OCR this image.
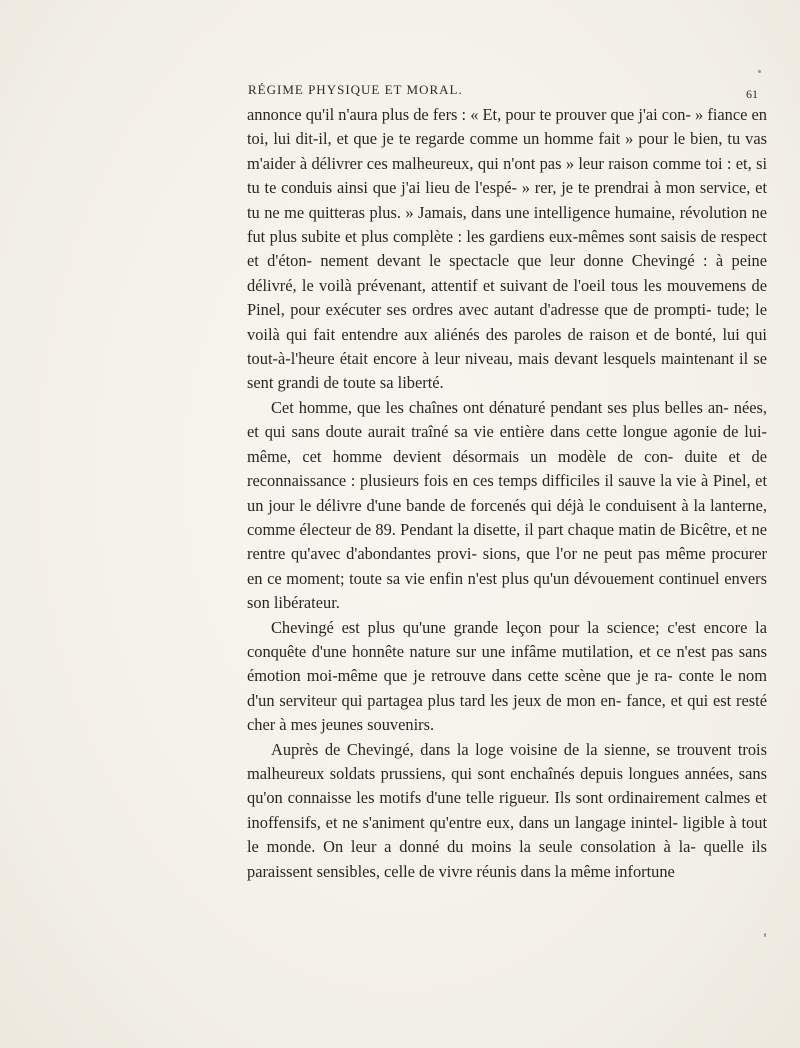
RÉGIME PHYSIQUE ET MORAL.	61

annonce qu'il n'aura plus de fers : « Et, pour te prouver que j'ai con- » fiance en toi, lui dit-il, et que je te regarde comme un homme fait » pour le bien, tu vas m'aider à délivrer ces malheureux, qui n'ont pas » leur raison comme toi : et, si tu te conduis ainsi que j'ai lieu de l'espé- » rer, je te prendrai à mon service, et tu ne me quitteras plus. » Jamais, dans une intelligence humaine, révolution ne fut plus subite et plus complète : les gardiens eux-mêmes sont saisis de respect et d'éton- nement devant le spectacle que leur donne Chevingé : à peine délivré, le voilà prévenant, attentif et suivant de l'oeil tous les mouvemens de Pinel, pour exécuter ses ordres avec autant d'adresse que de prompti- tude; le voilà qui fait entendre aux aliénés des paroles de raison et de bonté, lui qui tout-à-l'heure était encore à leur niveau, mais devant lesquels maintenant il se sent grandi de toute sa liberté.

Cet homme, que les chaînes ont dénaturé pendant ses plus belles an- nées, et qui sans doute aurait traîné sa vie entière dans cette longue agonie de lui-même, cet homme devient désormais un modèle de con- duite et de reconnaissance : plusieurs fois en ces temps difficiles il sauve la vie à Pinel, et un jour le délivre d'une bande de forcenés qui déjà le conduisent à la lanterne, comme électeur de 89. Pendant la disette, il part chaque matin de Bicêtre, et ne rentre qu'avec d'abondantes provi- sions, que l'or ne peut pas même procurer en ce moment; toute sa vie enfin n'est plus qu'un dévouement continuel envers son libérateur.

Chevingé est plus qu'une grande leçon pour la science; c'est encore la conquête d'une honnête nature sur une infâme mutilation, et ce n'est pas sans émotion moi-même que je retrouve dans cette scène que je ra- conte le nom d'un serviteur qui partagea plus tard les jeux de mon en- fance, et qui est resté cher à mes jeunes souvenirs.

Auprès de Chevingé, dans la loge voisine de la sienne, se trouvent trois malheureux soldats prussiens, qui sont enchaînés depuis longues années, sans qu'on connaisse les motifs d'une telle rigueur. Ils sont ordinairement calmes et inoffensifs, et ne s'animent qu'entre eux, dans un langage inintel- ligible à tout le monde. On leur a donné du moins la seule consolation à la- quelle ils paraissent sensibles, celle de vivre réunis dans la même infortune
